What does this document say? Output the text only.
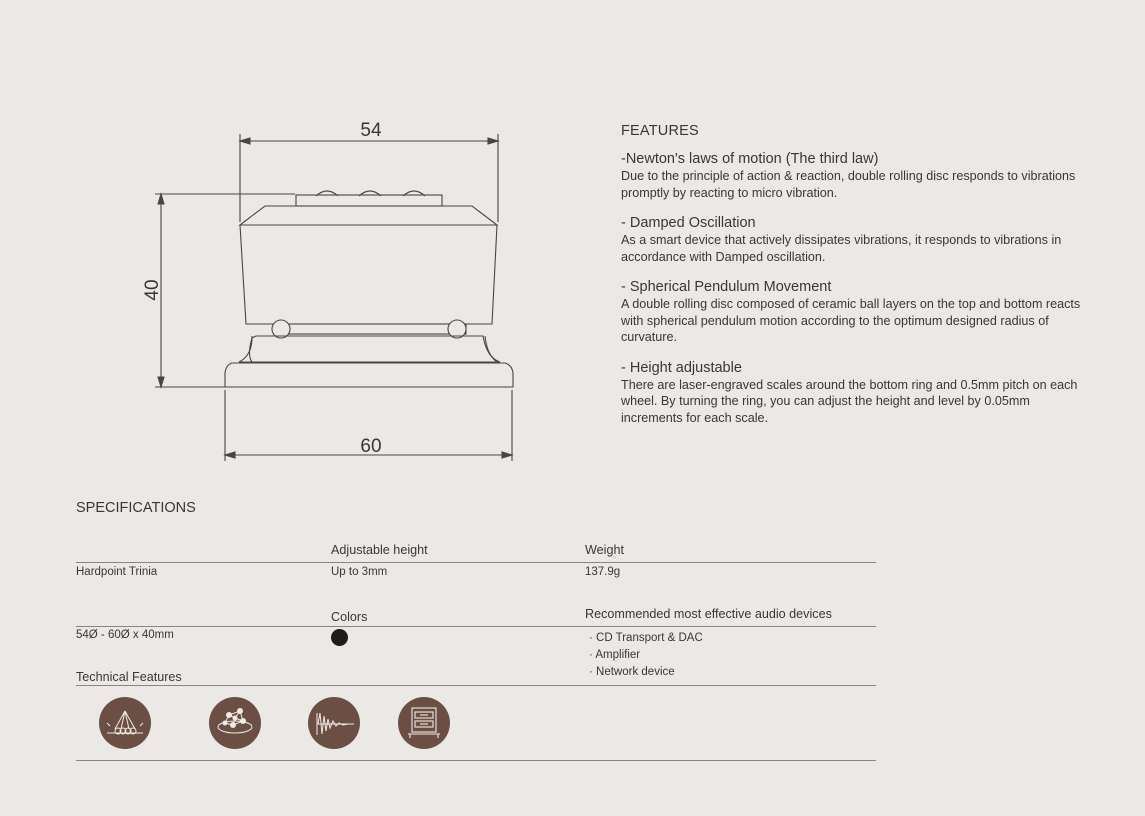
54
60
40
FEATURES
-Newton's laws of motion (The third law)
Due to the principle of action & reaction, double rolling disc responds to vibrations promptly by reacting to micro vibration.
- Damped Oscillation
As a smart device that actively dissipates vibrations, it responds to vibrations in accordance with Damped oscillation.
- Spherical Pendulum Movement
A double rolling disc composed of ceramic ball layers on the top and bottom reacts with spherical pendulum motion according to the optimum designed radius of curvature.
- Height adjustable
There are laser-engraved scales around the bottom ring and 0.5mm pitch on each wheel. By turning the ring, you can adjust the height and level by 0.05mm increments for each scale.
SPECIFICATIONS
Adjustable height	Weight
Hardpoint Trinia	Up to 3mm	137.9g
Colors	Recommended most effective audio devices
54Ø - 60Ø x 40mm
·	CD Transport & DAC
· Amplifier
· Network device
Technical Features
